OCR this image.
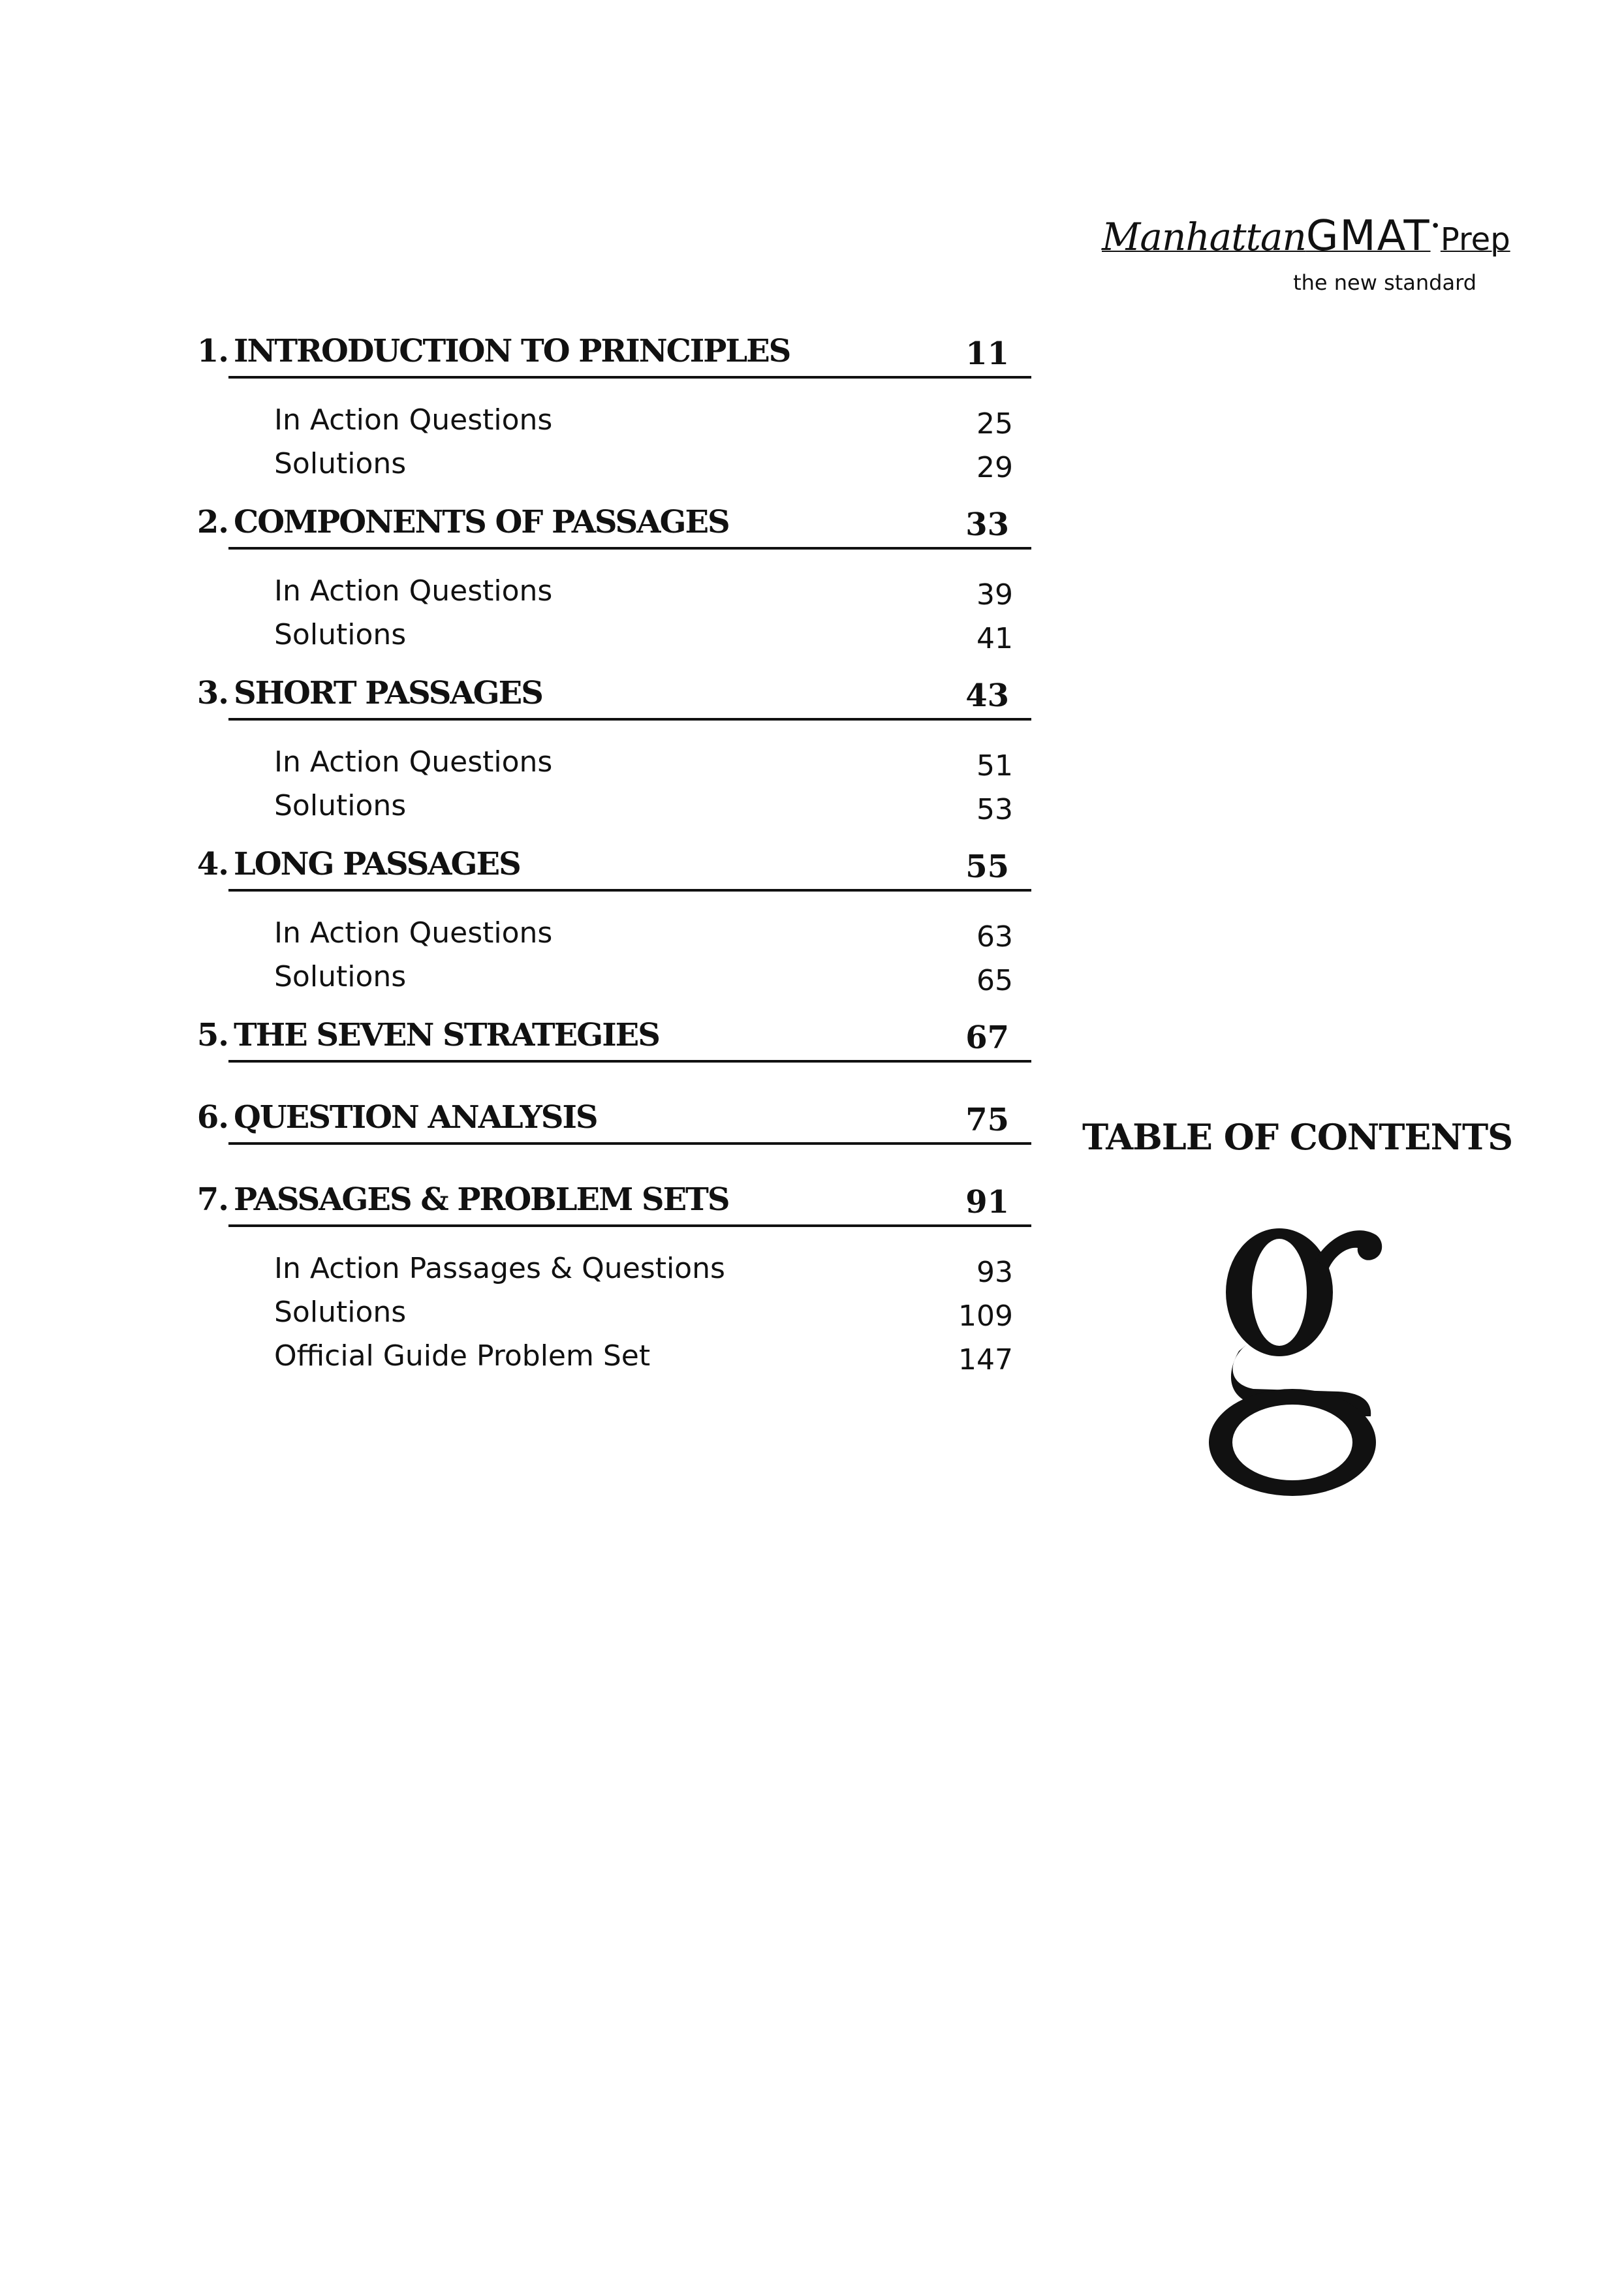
ManhattanGMAT•Prep
the new standard
1. INTRODUCTION TO PRINCIPLES	11
In Action Questions	25
Solutions	29
2. COMPONENTS OF PASSAGES	33
In Action Questions	39
Solutions	41
3. SHORT PASSAGES	43
In Action Questions	51
Solutions	53
4. LONG PASSAGES	55
In Action Questions	63
Solutions	65
5. THE SEVEN STRATEGIES	67
6. QUESTION ANALYSIS	75
7. PASSAGES & PROBLEM SETS	91
In Action Passages & Questions	93
Solutions	109
Official Guide Problem Set	147
TABLE OF CONTENTS
